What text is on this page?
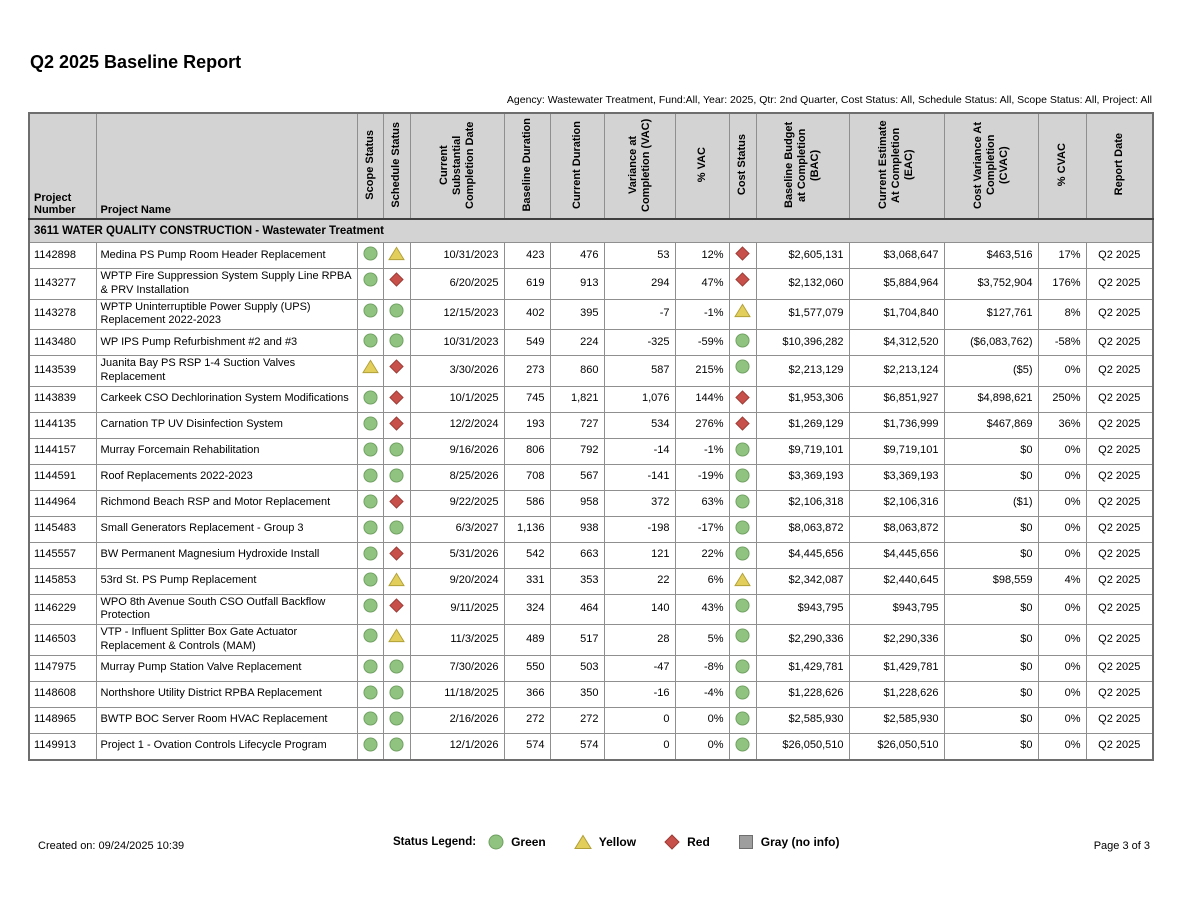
Q2 2025 Baseline Report
Agency: Wastewater Treatment, Fund:All, Year: 2025, Qtr: 2nd Quarter, Cost Status: All, Schedule Status: All, Scope Status: All, Project: All
Project Number	Project Name	Scope Status	Schedule Status	Current Substantial Completion Date	Baseline Duration	Current Duration	Variance at Completion (VAC)	% VAC	Cost Status	Baseline Budget at Completion (BAC)	Current Estimate At Completion (EAC)	Cost Variance At Completion (CVAC)	% CVAC	Report Date
3611 WATER QUALITY CONSTRUCTION - Wastewater Treatment														
1142898	Medina PS Pump Room Header Replacement			10/31/2023	423	476	53	12%		$2,605,131	$3,068,647	$463,516	17%	Q2 2025
1143277	WPTP Fire Suppression System Supply Line RPBA & PRV Installation			6/20/2025	619	913	294	47%		$2,132,060	$5,884,964	$3,752,904	176%	Q2 2025
1143278	WPTP Uninterruptible Power Supply (UPS) Replacement 2022-2023			12/15/2023	402	395	-7	-1%		$1,577,079	$1,704,840	$127,761	8%	Q2 2025
1143480	WP IPS Pump Refurbishment #2 and #3			10/31/2023	549	224	-325	-59%		$10,396,282	$4,312,520	($6,083,762)	-58%	Q2 2025
1143539	Juanita Bay PS RSP 1-4 Suction Valves Replacement			3/30/2026	273	860	587	215%		$2,213,129	$2,213,124	($5)	0%	Q2 2025
1143839	Carkeek CSO Dechlorination System Modifications			10/1/2025	745	1,821	1,076	144%		$1,953,306	$6,851,927	$4,898,621	250%	Q2 2025
1144135	Carnation TP UV Disinfection System			12/2/2024	193	727	534	276%		$1,269,129	$1,736,999	$467,869	36%	Q2 2025
1144157	Murray Forcemain Rehabilitation			9/16/2026	806	792	-14	-1%		$9,719,101	$9,719,101	$0	0%	Q2 2025
1144591	Roof Replacements 2022-2023			8/25/2026	708	567	-141	-19%		$3,369,193	$3,369,193	$0	0%	Q2 2025
1144964	Richmond Beach RSP and Motor Replacement			9/22/2025	586	958	372	63%		$2,106,318	$2,106,316	($1)	0%	Q2 2025
1145483	Small Generators Replacement - Group 3			6/3/2027	1,136	938	-198	-17%		$8,063,872	$8,063,872	$0	0%	Q2 2025
1145557	BW Permanent Magnesium Hydroxide Install			5/31/2026	542	663	121	22%		$4,445,656	$4,445,656	$0	0%	Q2 2025
1145853	53rd St. PS Pump Replacement			9/20/2024	331	353	22	6%		$2,342,087	$2,440,645	$98,559	4%	Q2 2025
1146229	WPO 8th Avenue South CSO Outfall Backflow Protection			9/11/2025	324	464	140	43%		$943,795	$943,795	$0	0%	Q2 2025
1146503	VTP - Influent Splitter Box Gate Actuator Replacement & Controls (MAM)			11/3/2025	489	517	28	5%		$2,290,336	$2,290,336	$0	0%	Q2 2025
1147975	Murray Pump Station Valve Replacement			7/30/2026	550	503	-47	-8%		$1,429,781	$1,429,781	$0	0%	Q2 2025
1148608	Northshore Utility District RPBA Replacement			11/18/2025	366	350	-16	-4%		$1,228,626	$1,228,626	$0	0%	Q2 2025
1148965	BWTP BOC Server Room HVAC Replacement			2/16/2026	272	272	0	0%		$2,585,930	$2,585,930	$0	0%	Q2 2025
1149913	Project 1 - Ovation Controls Lifecycle Program			12/1/2026	574	574	0	0%		$26,050,510	$26,050,510	$0	0%	Q2 2025
Created on: 09/24/2025 10:39	Status Legend:	Green	Yellow	Red	Gray (no info)	Page 3 of 3
